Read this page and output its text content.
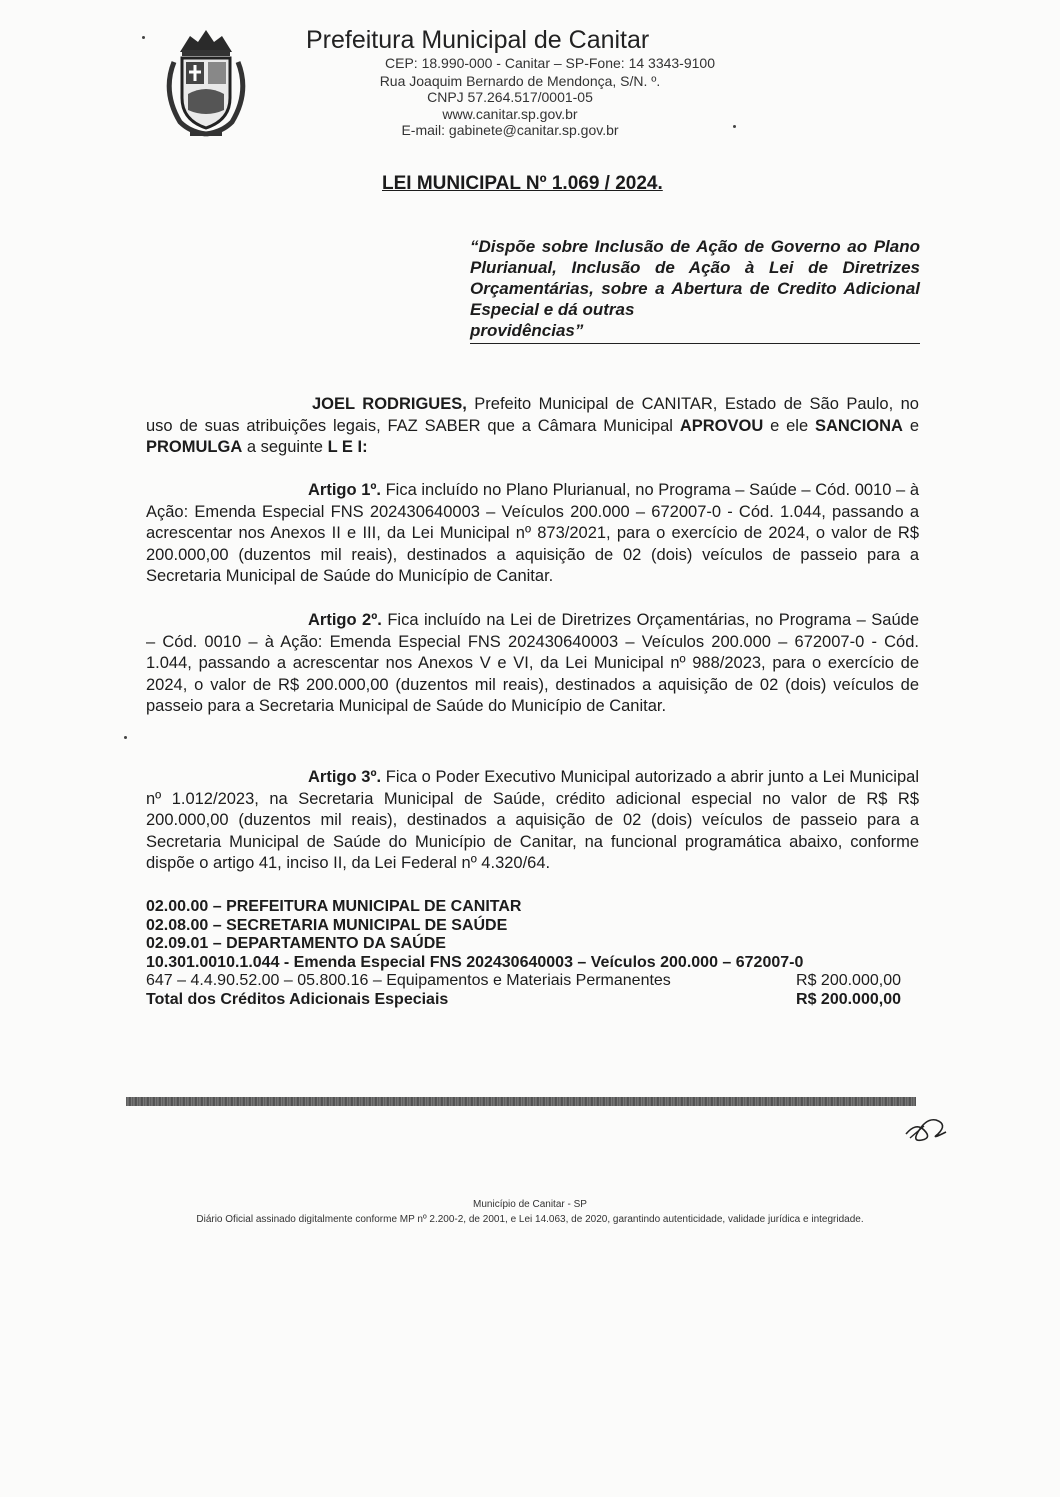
Prefeitura Municipal de Canitar
CEP: 18.990-000 - Canitar – SP-Fone: 14 3343-9100
Rua Joaquim Bernardo de Mendonça, S/N. º.
CNPJ 57.264.517/0001-05
www.canitar.sp.gov.br
E-mail: gabinete@canitar.sp.gov.br
LEI MUNICIPAL Nº 1.069 / 2024.
“Dispõe sobre Inclusão de Ação de Governo ao Plano Plurianual, Inclusão de Ação à Lei de Diretrizes Orçamentárias, sobre a Abertura de Credito Adicional Especial e dá outras
providências”
JOEL RODRIGUES, Prefeito Municipal de CANITAR, Estado de São Paulo, no uso de suas atribuições legais, FAZ SABER que a Câmara Municipal APROVOU e ele SANCIONA e PROMULGA a seguinte L E I:
Artigo 1º. Fica incluído no Plano Plurianual, no Programa – Saúde – Cód. 0010 – à Ação: Emenda Especial FNS 202430640003 – Veículos 200.000 – 672007-0 - Cód. 1.044, passando a acrescentar nos Anexos II e III, da Lei Municipal nº 873/2021, para o exercício de 2024, o valor de R$ 200.000,00 (duzentos mil reais), destinados a aquisição de 02 (dois) veículos de passeio para a Secretaria Municipal de Saúde do Município de Canitar.
Artigo 2º. Fica incluído na Lei de Diretrizes Orçamentárias, no Programa – Saúde – Cód. 0010 – à Ação: Emenda Especial FNS 202430640003 – Veículos 200.000 – 672007-0 - Cód. 1.044, passando a acrescentar nos Anexos V e VI, da Lei Municipal nº 988/2023, para o exercício de 2024, o valor de R$ 200.000,00 (duzentos mil reais), destinados a aquisição de 02 (dois) veículos de passeio para a Secretaria Municipal de Saúde do Município de Canitar.
Artigo 3º. Fica o Poder Executivo Municipal autorizado a abrir junto a Lei Municipal nº 1.012/2023, na Secretaria Municipal de Saúde, crédito adicional especial no valor de R$ R$ 200.000,00 (duzentos mil reais), destinados a aquisição de 02 (dois) veículos de passeio para a Secretaria Municipal de Saúde do Município de Canitar, na funcional programática abaixo, conforme dispõe o artigo 41, inciso II, da Lei Federal nº 4.320/64.
02.00.00 – PREFEITURA MUNICIPAL DE CANITAR
02.08.00 – SECRETARIA MUNICIPAL DE SAÚDE
02.09.01 – DEPARTAMENTO DA SAÚDE
10.301.0010.1.044 - Emenda Especial FNS 202430640003 – Veículos 200.000 – 672007-0
647 – 4.4.90.52.00 – 05.800.16 – Equipamentos e Materiais Permanentes	R$ 200.000,00
Total dos Créditos Adicionais Especiais	R$ 200.000,00
Município de Canitar - SP
Diário Oficial assinado digitalmente conforme MP nº 2.200-2, de 2001, e Lei 14.063, de 2020, garantindo autenticidade, validade jurídica e integridade.
